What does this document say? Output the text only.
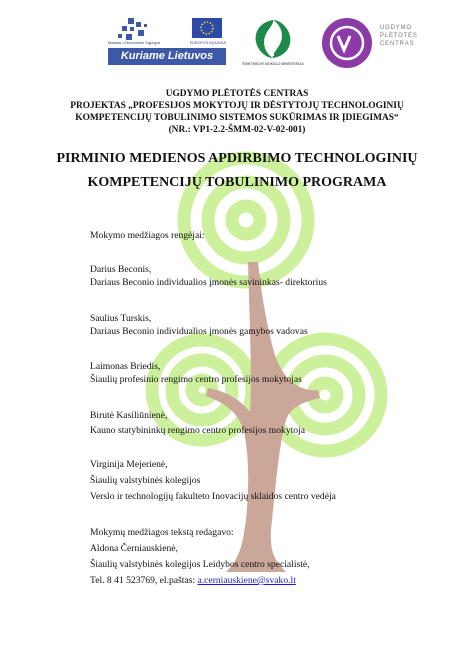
Mokslas • Ekonominės Sąjungos	EUROPOS SĄJUNGA
Kuriame Lietuvos ateitį
ŠVIETIMO IR MOKSLO MINISTERIJA
UGDYMO
PLĖTOTĖS
CENTRAS
UGDYMO PLĖTOTĖS CENTRAS
PROJEKTAS „PROFESIJOS MOKYTOJŲ IR DĖSTYTOJŲ TECHNOLOGINIŲ
KOMPETENCIJŲ TOBULINIMO SISTEMOS SUKŪRIMAS IR ĮDIEGIMAS“
(NR.: VP1-2.2-ŠMM-02-V-02-001)
PIRMINIO MEDIENOS APDIRBIMO TECHNOLOGINIŲ
KOMPETENCIJŲ TOBULINIMO PROGRAMA
Mokymo medžiagos rengėjai:
Darius Beconis,
Dariaus Beconio individualios įmonės savininkas- direktorius
Saulius Turskis,
Dariaus Beconio individualios įmonės gamybos vadovas
Laimonas Briedis,
Šiaulių profesinio rengimo centro profesijos mokytojas
Birutė Kasiliūnienė,
Kauno statybininkų rengimo centro profesijos mokytoja
Virginija Mejerienė,
Šiaulių valstybinės kolegijos
Verslo ir technologijų fakulteto Inovacijų sklaidos centro vedėja
Mokymų medžiagos tekstą redagavo:
Aldona Černiauskienė,
Šiaulių valstybinės kolegijos Leidybos centro specialistė,
Tel. 8 41 523769, el.paštas: a.cerniauskiene@svako.lt
